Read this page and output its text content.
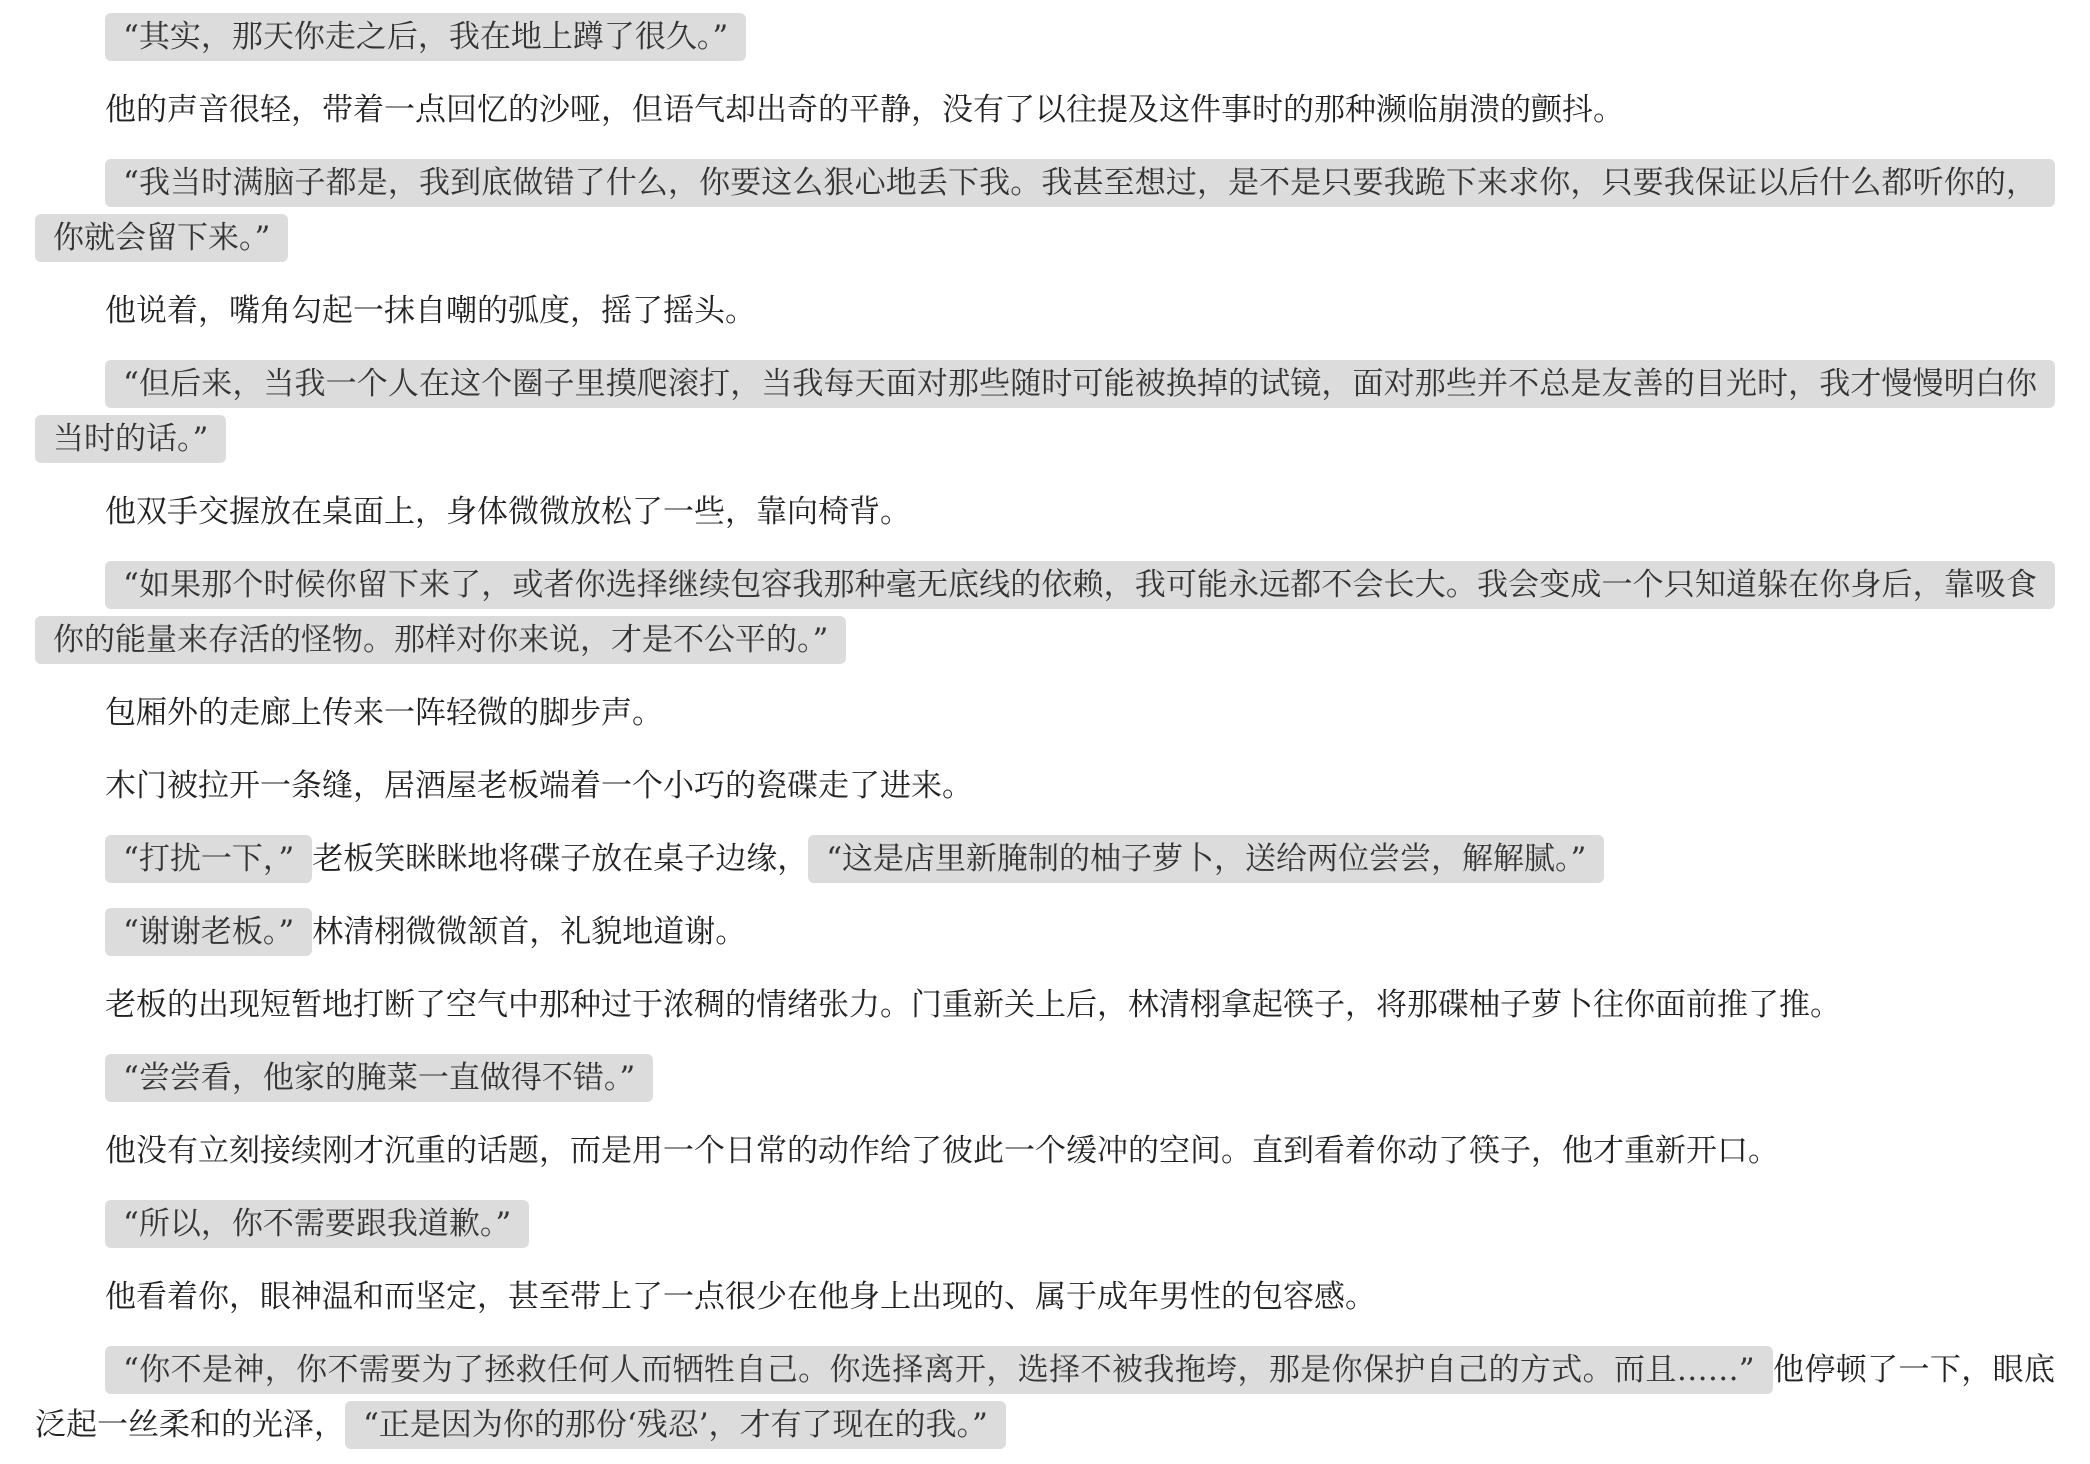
“其实，那天你走之后，我在地上蹲了很久。”

他的声音很轻，带着一点回忆的沙哑，但语气却出奇的平静，没有了以往提及这件事时的那种濒临崩溃的颤抖。

“我当时满脑子都是，我到底做错了什么，你要这么狠心地丢下我。我甚至想过，是不是只要我跪下来求你，只要我保证以后什么都听你的，你就会留下来。”

他说着，嘴角勾起一抹自嘲的弧度，摇了摇头。

“但后来，当我一个人在这个圈子里摸爬滚打，当我每天面对那些随时可能被换掉的试镜，面对那些并不总是友善的目光时，我才慢慢明白你当时的话。”

他双手交握放在桌面上，身体微微放松了一些，靠向椅背。

“如果那个时候你留下来了，或者你选择继续包容我那种毫无底线的依赖，我可能永远都不会长大。我会变成一个只知道躲在你身后，靠吸食你的能量来存活的怪物。那样对你来说，才是不公平的。”

包厢外的走廊上传来一阵轻微的脚步声。

木门被拉开一条缝，居酒屋老板端着一个小巧的瓷碟走了进来。

“打扰一下，” 老板笑眯眯地将碟子放在桌子边缘， “这是店里新腌制的柚子萝卜，送给两位尝尝，解解腻。”

“谢谢老板。” 林清栩微微颔首，礼貌地道谢。

老板的出现短暂地打断了空气中那种过于浓稠的情绪张力。门重新关上后，林清栩拿起筷子，将那碟柚子萝卜往你面前推了推。

“尝尝看，他家的腌菜一直做得不错。”

他没有立刻接续刚才沉重的话题，而是用一个日常的动作给了彼此一个缓冲的空间。直到看着你动了筷子，他才重新开口。

“所以，你不需要跟我道歉。”

他看着你，眼神温和而坚定，甚至带上了一点很少在他身上出现的、属于成年男性的包容感。

“你不是神，你不需要为了拯救任何人而牺牲自己。你选择离开，选择不被我拖垮，那是你保护自己的方式。而且……” 他停顿了一下，眼底泛起一丝柔和的光泽， “正是因为你的那份‘残忍’，才有了现在的我。”
